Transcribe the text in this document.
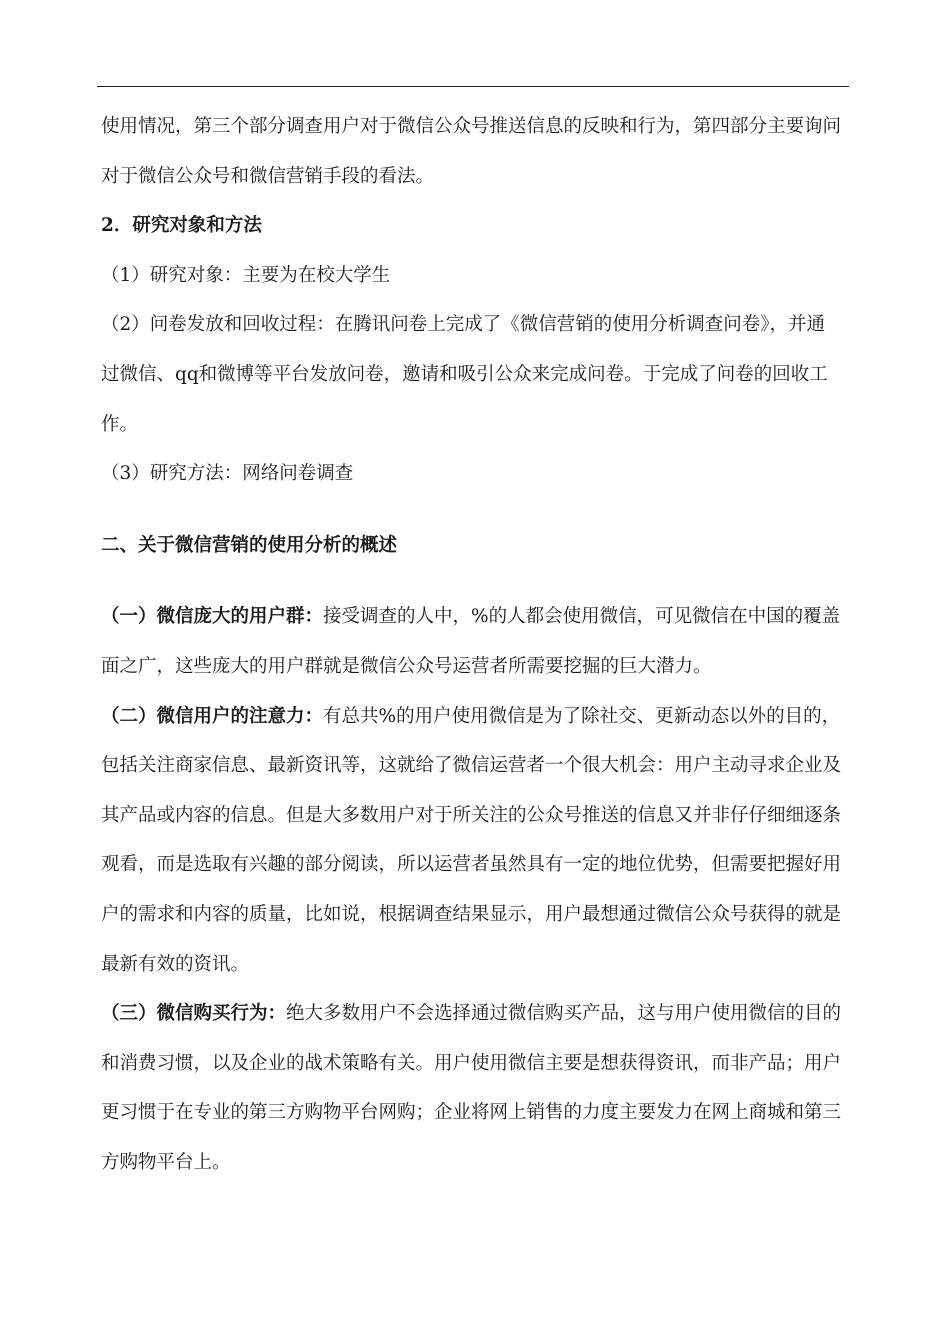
使用情况，第三个部分调查用户对于微信公众号推送信息的反映和行为，第四部分主要询问对于微信公众号和微信营销手段的看法。

2．研究对象和方法

（1）研究对象：主要为在校大学生

（2）问卷发放和回收过程：在腾讯问卷上完成了《微信营销的使用分析调查问卷》，并通过微信、qq和微博等平台发放问卷，邀请和吸引公众来完成问卷。于完成了问卷的回收工作。

（3）研究方法：网络问卷调查

二、关于微信营销的使用分析的概述

（一）微信庞大的用户群：接受调查的人中，%的人都会使用微信，可见微信在中国的覆盖面之广，这些庞大的用户群就是微信公众号运营者所需要挖掘的巨大潜力。

（二）微信用户的注意力：有总共%的用户使用微信是为了除社交、更新动态以外的目的，包括关注商家信息、最新资讯等，这就给了微信运营者一个很大机会：用户主动寻求企业及其产品或内容的信息。但是大多数用户对于所关注的公众号推送的信息又并非仔仔细细逐条观看，而是选取有兴趣的部分阅读，所以运营者虽然具有一定的地位优势，但需要把握好用户的需求和内容的质量，比如说，根据调查结果显示，用户最想通过微信公众号获得的就是最新有效的资讯。

（三）微信购买行为：绝大多数用户不会选择通过微信购买产品，这与用户使用微信的目的和消费习惯，以及企业的战术策略有关。用户使用微信主要是想获得资讯，而非产品；用户更习惯于在专业的第三方购物平台网购；企业将网上销售的力度主要发力在网上商城和第三方购物平台上。
